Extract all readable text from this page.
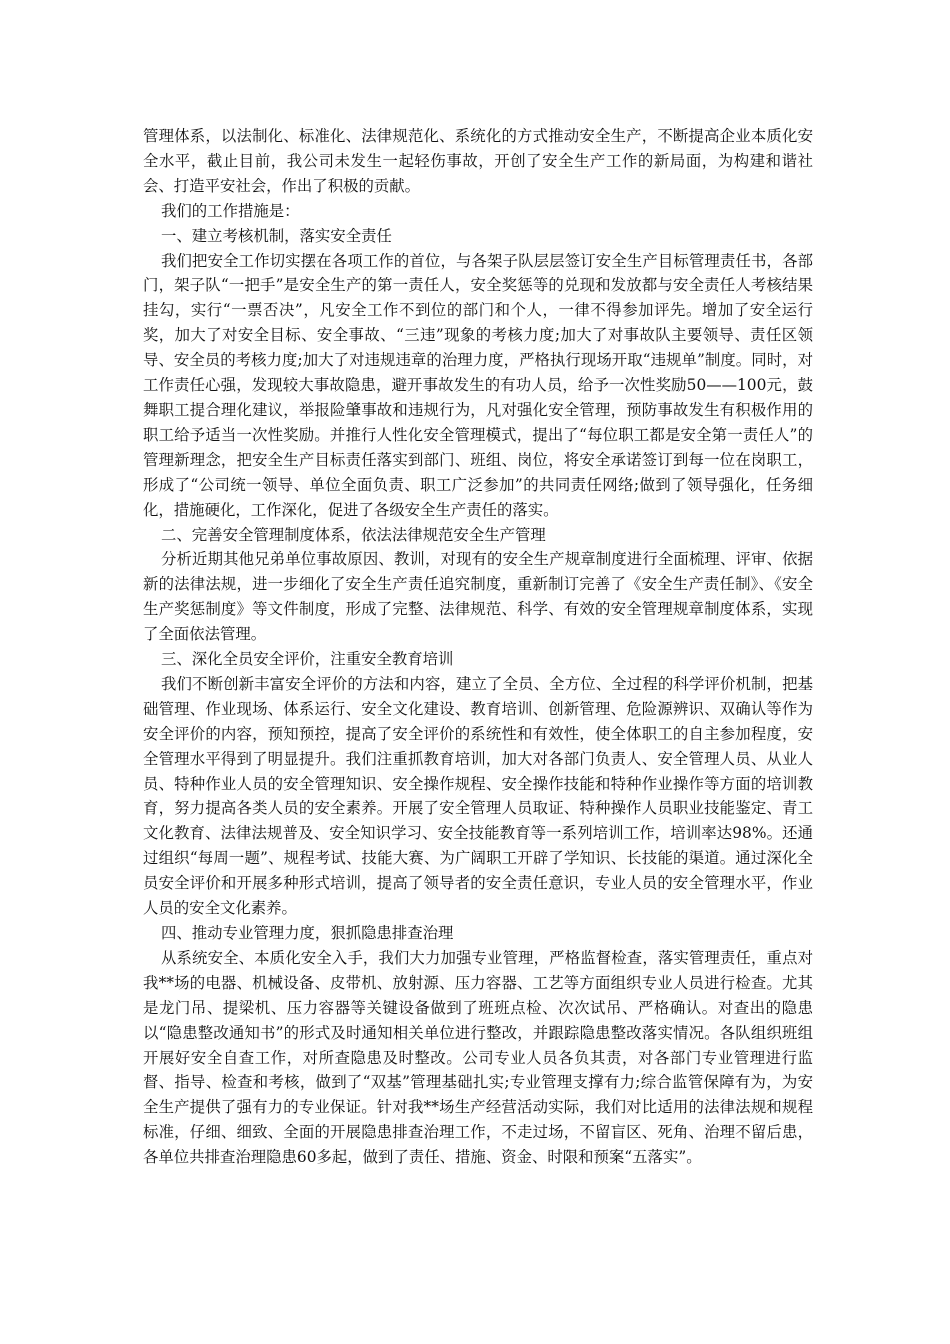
管理体系，以法制化、标准化、法律规范化、系统化的方式推动安全生产，不断提高企业本质化安全水平，截止目前，我公司未发生一起轻伤事故，开创了安全生产工作的新局面，为构建和谐社会、打造平安社会，作出了积极的贡献。

我们的工作措施是：

一、建立考核机制，落实安全责任

我们把安全工作切实摆在各项工作的首位，与各架子队层层签订安全生产目标管理责任书，各部门，架子队“一把手”是安全生产的第一责任人，安全奖惩等的兑现和发放都与安全责任人考核结果挂勾，实行“一票否决”，凡安全工作不到位的部门和个人，一律不得参加评先。增加了安全运行奖，加大了对安全目标、安全事故、“三违”现象的考核力度;加大了对事故队主要领导、责任区领导、安全员的考核力度;加大了对违规违章的治理力度，严格执行现场开取“违规单”制度。同时，对工作责任心强，发现较大事故隐患，避开事故发生的有功人员，给予一次性奖励50——100元，鼓舞职工提合理化建议，举报险肇事故和违规行为，凡对强化安全管理，预防事故发生有积极作用的职工给予适当一次性奖励。并推行人性化安全管理模式，提出了“每位职工都是安全第一责任人”的管理新理念，把安全生产目标责任落实到部门、班组、岗位，将安全承诺签订到每一位在岗职工，形成了“公司统一领导、单位全面负责、职工广泛参加”的共同责任网络;做到了领导强化，任务细化，措施硬化，工作深化，促进了各级安全生产责任的落实。

二、完善安全管理制度体系，依法法律规范安全生产管理

分析近期其他兄弟单位事故原因、教训，对现有的安全生产规章制度进行全面梳理、评审、依据新的法律法规，进一步细化了安全生产责任追究制度，重新制订完善了《安全生产责任制》、《安全生产奖惩制度》等文件制度，形成了完整、法律规范、科学、有效的安全管理规章制度体系，实现了全面依法管理。

三、深化全员安全评价，注重安全教育培训

我们不断创新丰富安全评价的方法和内容，建立了全员、全方位、全过程的科学评价机制，把基础管理、作业现场、体系运行、安全文化建设、教育培训、创新管理、危险源辨识、双确认等作为安全评价的内容，预知预控，提高了安全评价的系统性和有效性，使全体职工的自主参加程度，安全管理水平得到了明显提升。我们注重抓教育培训，加大对各部门负责人、安全管理人员、从业人员、特种作业人员的安全管理知识、安全操作规程、安全操作技能和特种作业操作等方面的培训教育，努力提高各类人员的安全素养。开展了安全管理人员取证、特种操作人员职业技能鉴定、青工文化教育、法律法规普及、安全知识学习、安全技能教育等一系列培训工作，培训率达98%。还通过组织“每周一题”、规程考试、技能大赛、为广阔职工开辟了学知识、长技能的渠道。通过深化全员安全评价和开展多种形式培训，提高了领导者的安全责任意识，专业人员的安全管理水平，作业人员的安全文化素养。

四、推动专业管理力度，狠抓隐患排查治理

从系统安全、本质化安全入手，我们大力加强专业管理，严格监督检查，落实管理责任，重点对我**场的电器、机械设备、皮带机、放射源、压力容器、工艺等方面组织专业人员进行检查。尤其是龙门吊、提梁机、压力容器等关键设备做到了班班点检、次次试吊、严格确认。对查出的隐患以“隐患整改通知书”的形式及时通知相关单位进行整改，并跟踪隐患整改落实情况。各队组织班组开展好安全自查工作，对所查隐患及时整改。公司专业人员各负其责，对各部门专业管理进行监督、指导、检查和考核，做到了“双基”管理基础扎实;专业管理支撑有力;综合监管保障有为，为安全生产提供了强有力的专业保证。针对我**场生产经营活动实际，我们对比适用的法律法规和规程标准，仔细、细致、全面的开展隐患排查治理工作，不走过场，不留盲区、死角、治理不留后患，各单位共排查治理隐患60多起，做到了责任、措施、资金、时限和预案“五落实”。
